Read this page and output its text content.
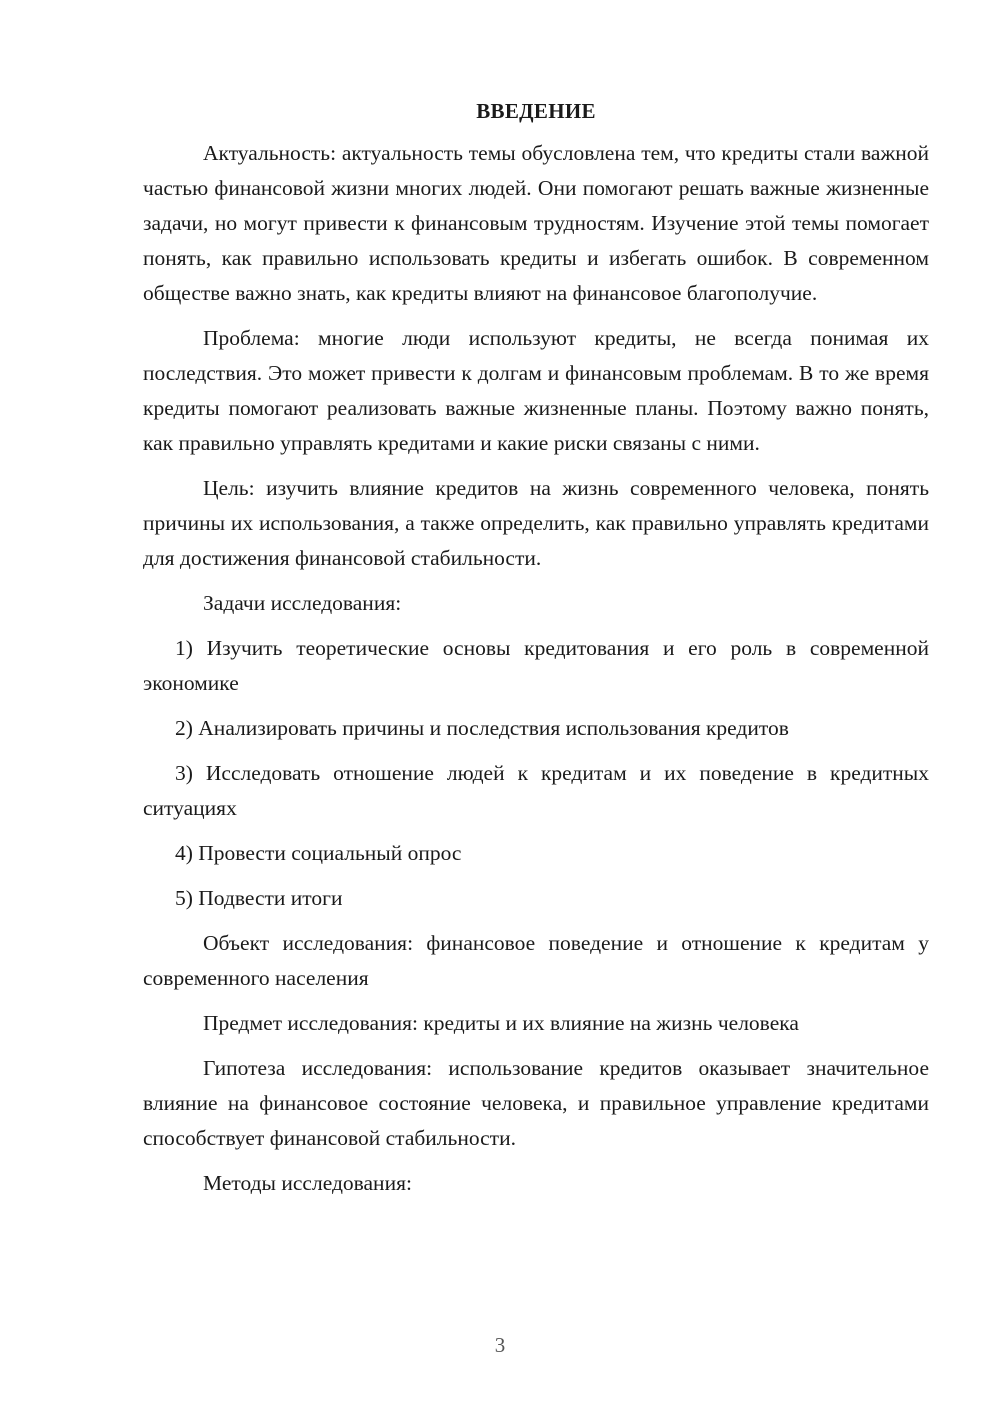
ВВЕДЕНИЕ

Актуальность: актуальность темы обусловлена тем, что кредиты стали важной частью финансовой жизни многих людей. Они помогают решать важные жизненные задачи, но могут привести к финансовым трудностям. Изучение этой темы помогает понять, как правильно использовать кредиты и избегать ошибок. В современном обществе важно знать, как кредиты влияют на финансовое благополучие.

Проблема: многие люди используют кредиты, не всегда понимая их последствия. Это может привести к долгам и финансовым проблемам. В то же время кредиты помогают реализовать важные жизненные планы. Поэтому важно понять, как правильно управлять кредитами и какие риски связаны с ними.

Цель: изучить влияние кредитов на жизнь современного человека, понять причины их использования, а также определить, как правильно управлять кредитами для достижения финансовой стабильности.

Задачи исследования:

1) Изучить теоретические основы кредитования и его роль в современной экономике

2) Анализировать причины и последствия использования кредитов

3) Исследовать отношение людей к кредитам и их поведение в кредитных ситуациях

4) Провести социальный опрос

5) Подвести итоги

Объект исследования: финансовое поведение и отношение к кредитам у современного населения

Предмет исследования: кредиты и их влияние на жизнь человека

Гипотеза исследования: использование кредитов оказывает значительное влияние на финансовое состояние человека, и правильное управление кредитами способствует финансовой стабильности.

Методы исследования:

3
